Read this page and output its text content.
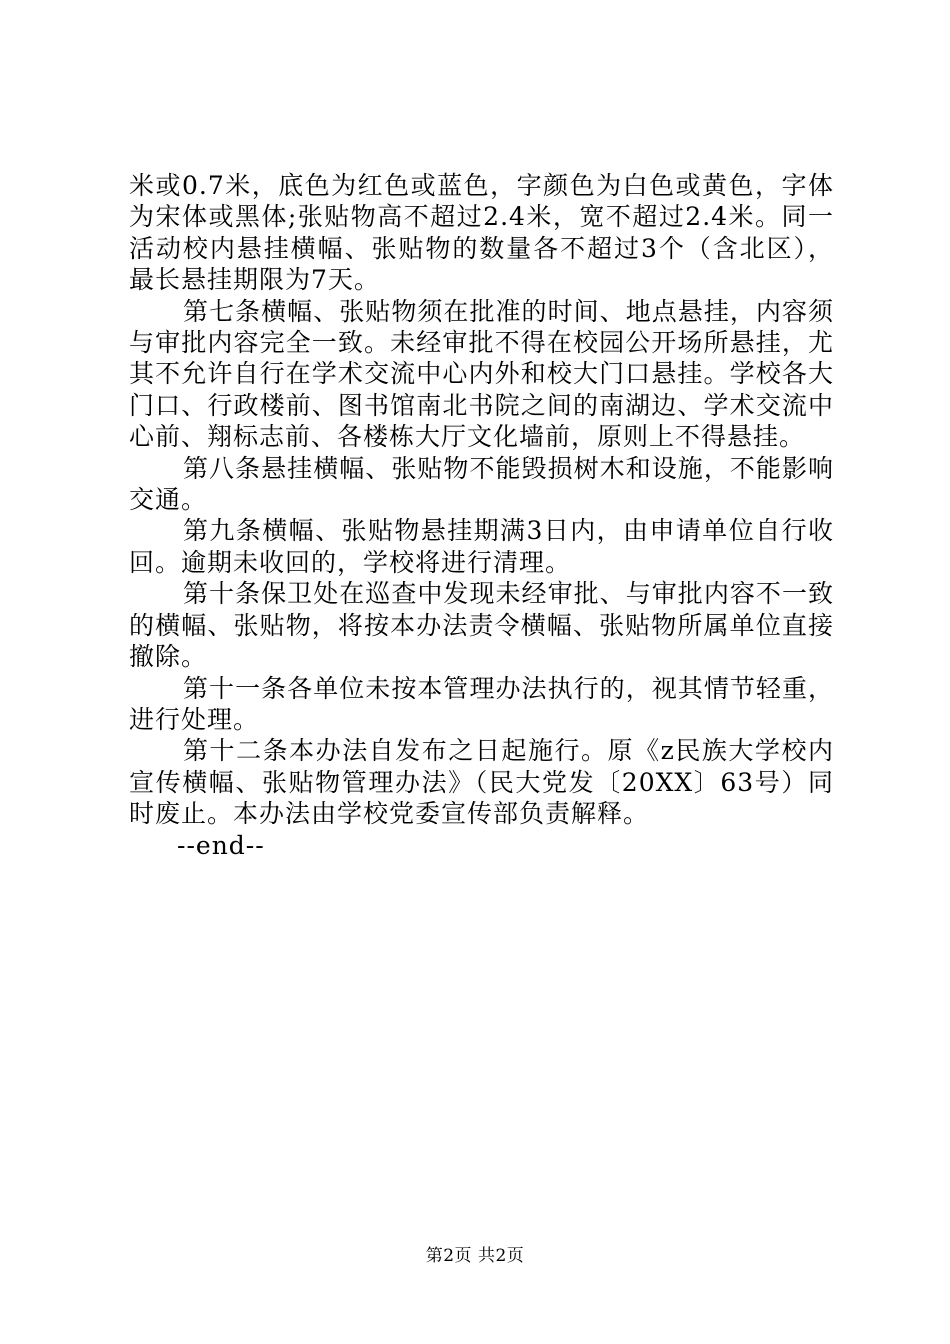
米或0.7米，底色为红色或蓝色，字颜色为白色或黄色，字体为宋体或黑体;张贴物高不超过2.4米，宽不超过2.4米。同一活动校内悬挂横幅、张贴物的数量各不超过3个（含北区），最长悬挂期限为7天。

第七条横幅、张贴物须在批准的时间、地点悬挂，内容须与审批内容完全一致。未经审批不得在校园公开场所悬挂，尤其不允许自行在学术交流中心内外和校大门口悬挂。学校各大门口、行政楼前、图书馆南北书院之间的南湖边、学术交流中心前、翔标志前、各楼栋大厅文化墙前，原则上不得悬挂。

第八条悬挂横幅、张贴物不能毁损树木和设施，不能影响交通。

第九条横幅、张贴物悬挂期满3日内，由申请单位自行收回。逾期未收回的，学校将进行清理。

第十条保卫处在巡查中发现未经审批、与审批内容不一致的横幅、张贴物，将按本办法责令横幅、张贴物所属单位直接撤除。

第十一条各单位未按本管理办法执行的，视其情节轻重，进行处理。

第十二条本办法自发布之日起施行。原《z民族大学校内宣传横幅、张贴物管理办法》（民大党发〔20XX〕63号）同时废止。本办法由学校党委宣传部负责解释。

--end--

第2页 共2页
